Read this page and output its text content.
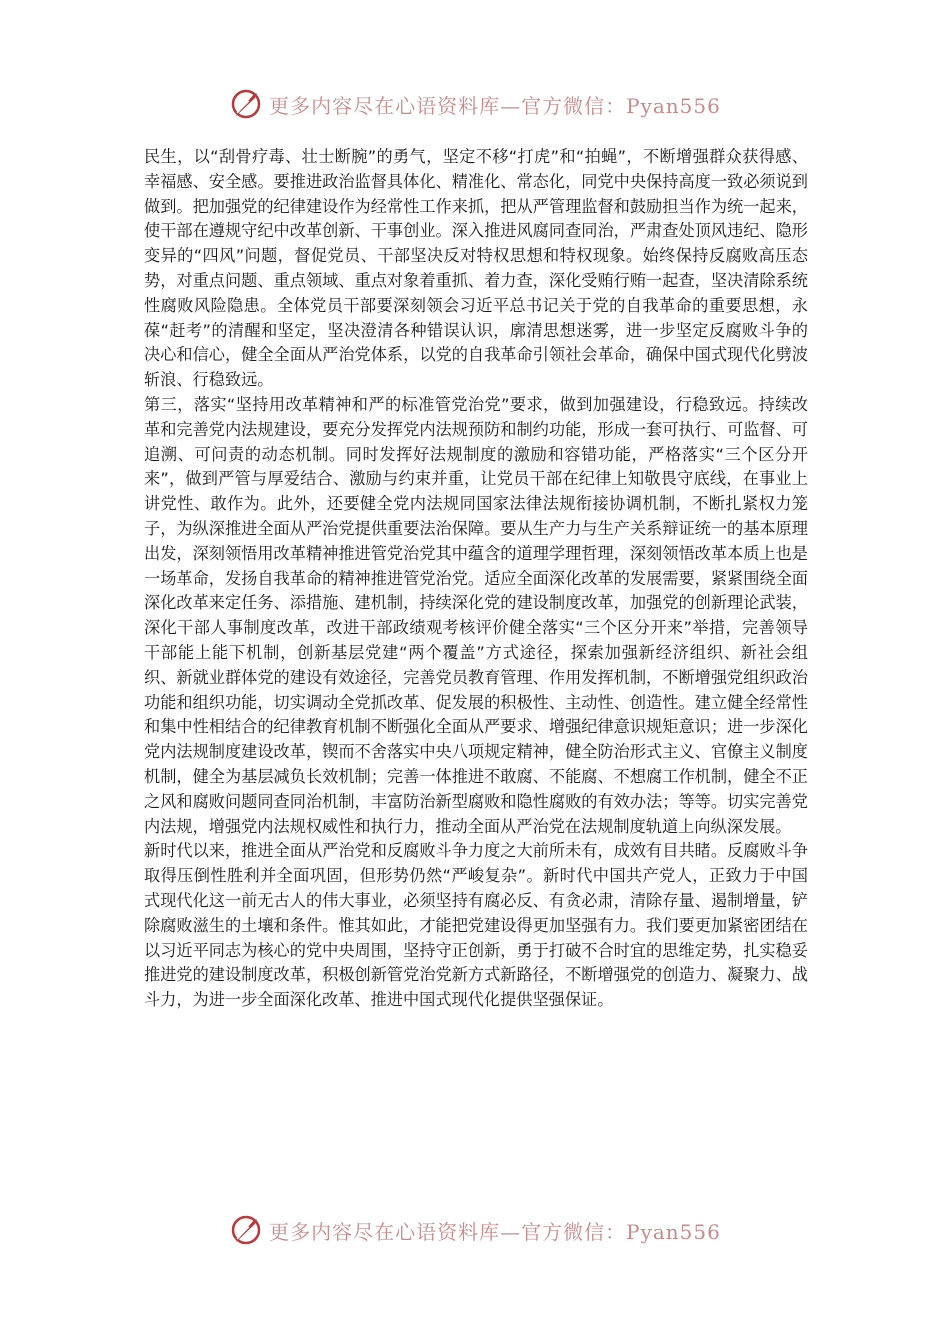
更多内容尽在心语资料库—官方微信：Pyan556

民生，以“刮骨疗毒、壮士断腕”的勇气，坚定不移“打虎”和“拍蝇”，不断增强群众获得感、幸福感、安全感。要推进政治监督具体化、精准化、常态化，同党中央保持高度一致必须说到做到。把加强党的纪律建设作为经常性工作来抓，把从严管理监督和鼓励担当作为统一起来，使干部在遵规守纪中改革创新、干事创业。深入推进风腐同查同治，严肃查处顶风违纪、隐形变异的“四风”问题，督促党员、干部坚决反对特权思想和特权现象。始终保持反腐败高压态势，对重点问题、重点领域、重点对象着重抓、着力查，深化受贿行贿一起查，坚决清除系统性腐败风险隐患。全体党员干部要深刻领会习近平总书记关于党的自我革命的重要思想，永葆“赶考”的清醒和坚定，坚决澄清各种错误认识，廓清思想迷雾，进一步坚定反腐败斗争的决心和信心，健全全面从严治党体系，以党的自我革命引领社会革命，确保中国式现代化劈波斩浪、行稳致远。

第三，落实“坚持用改革精神和严的标准管党治党”要求，做到加强建设，行稳致远。持续改革和完善党内法规建设，要充分发挥党内法规预防和制约功能，形成一套可执行、可监督、可追溯、可问责的动态机制。同时发挥好法规制度的激励和容错功能，严格落实“三个区分开来”，做到严管与厚爱结合、激励与约束并重，让党员干部在纪律上知敬畏守底线，在事业上讲党性、敢作为。此外，还要健全党内法规同国家法律法规衔接协调机制，不断扎紧权力笼子，为纵深推进全面从严治党提供重要法治保障。要从生产力与生产关系辩证统一的基本原理出发，深刻领悟用改革精神推进管党治党其中蕴含的道理学理哲理，深刻领悟改革本质上也是一场革命，发扬自我革命的精神推进管党治党。适应全面深化改革的发展需要，紧紧围绕全面深化改革来定任务、添措施、建机制，持续深化党的建设制度改革，加强党的创新理论武装，深化干部人事制度改革，改进干部政绩观考核评价健全落实“三个区分开来”举措，完善领导干部能上能下机制，创新基层党建“两个覆盖”方式途径，探索加强新经济组织、新社会组织、新就业群体党的建设有效途径，完善党员教育管理、作用发挥机制，不断增强党组织政治功能和组织功能，切实调动全党抓改革、促发展的积极性、主动性、创造性。建立健全经常性和集中性相结合的纪律教育机制不断强化全面从严要求、增强纪律意识规矩意识；进一步深化党内法规制度建设改革，锲而不舍落实中央八项规定精神，健全防治形式主义、官僚主义制度机制，健全为基层减负长效机制；完善一体推进不敢腐、不能腐、不想腐工作机制，健全不正之风和腐败问题同查同治机制，丰富防治新型腐败和隐性腐败的有效办法；等等。切实完善党内法规，增强党内法规权威性和执行力，推动全面从严治党在法规制度轨道上向纵深发展。

新时代以来，推进全面从严治党和反腐败斗争力度之大前所未有，成效有目共睹。反腐败斗争取得压倒性胜利并全面巩固，但形势仍然“严峻复杂”。新时代中国共产党人，正致力于中国式现代化这一前无古人的伟大事业，必须坚持有腐必反、有贪必肃，清除存量、遏制增量，铲除腐败滋生的土壤和条件。惟其如此，才能把党建设得更加坚强有力。我们要更加紧密团结在以习近平同志为核心的党中央周围，坚持守正创新，勇于打破不合时宜的思维定势，扎实稳妥推进党的建设制度改革，积极创新管党治党新方式新路径，不断增强党的创造力、凝聚力、战斗力，为进一步全面深化改革、推进中国式现代化提供坚强保证。

更多内容尽在心语资料库—官方微信：Pyan556
